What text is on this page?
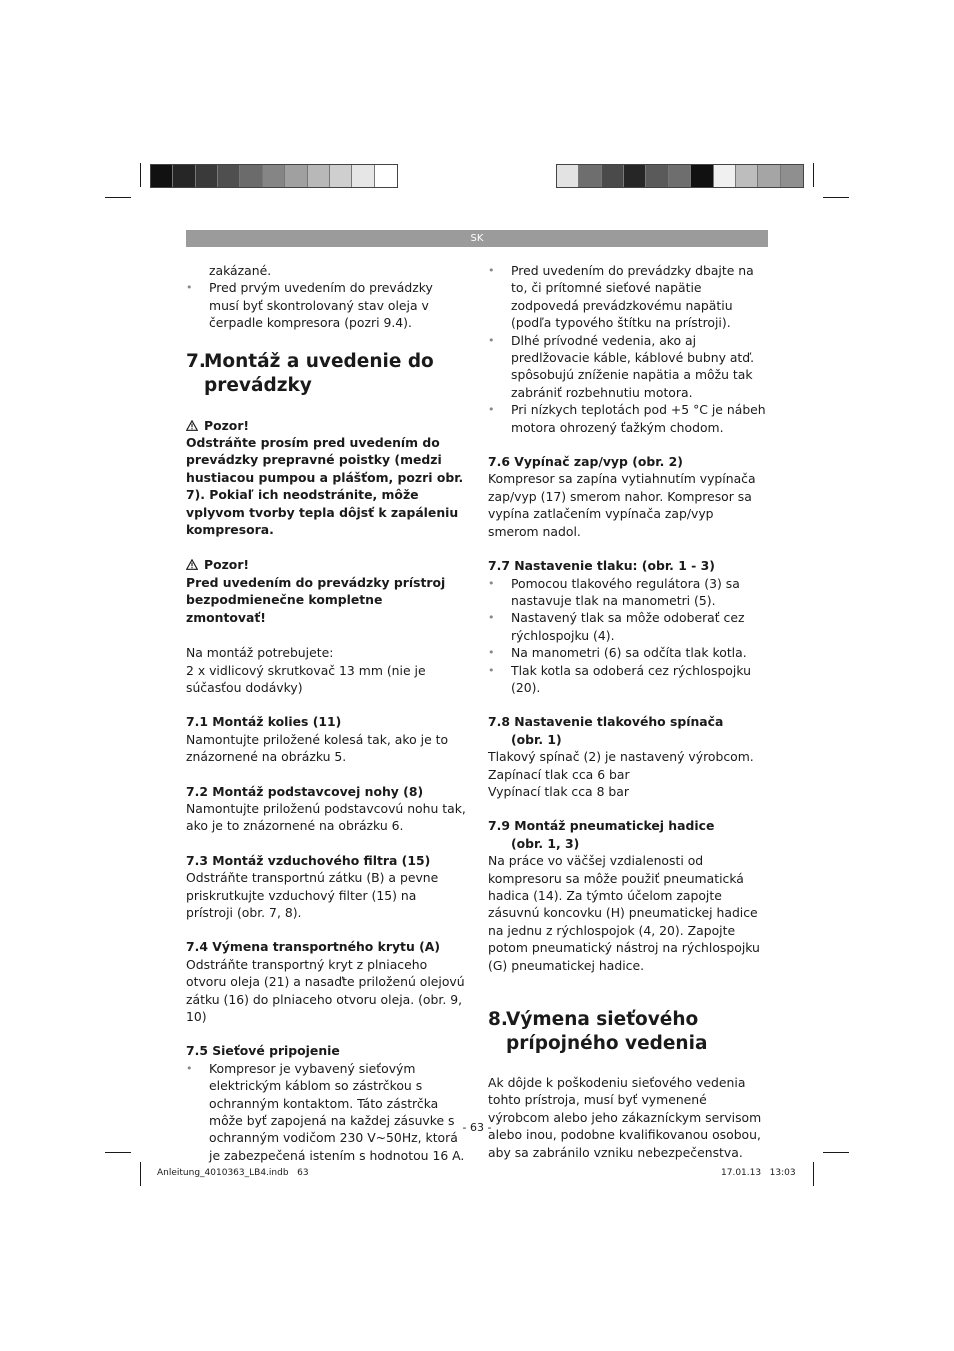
SK

zakázané.

• Pred prvým uvedením do prevádzky musí byť skontrolovaný stav oleja v čerpadle kompresora (pozri 9.4).

7.
Montáž a uvedenie do prevádzky

Pozor!

Odstráňte prosím pred uvedením do prevádzky prepravné poistky (medzi hustiacou pumpou a plášťom, pozri obr. 7). Pokiaľ ich neodstránite, môže vplyvom tvorby tepla dôjsť k zapáleniu kompresora.

Pozor!

Pred uvedením do prevádzky prístroj bezpodmienečne kompletne zmontovať!

Na montáž potrebujete:

2 x vidlicový skrutkovač 13 mm (nie je súčasťou dodávky)

7.1 Montáž kolies (11)

Namontujte priložené kolesá tak, ako je to znázornené na obrázku 5.

7.2 Montáž podstavcovej nohy (8)

Namontujte priloženú podstavcovú nohu tak, ako je to znázornené na obrázku 6.

7.3 Montáž vzduchového filtra (15)

Odstráňte transportnú zátku (B) a pevne priskrutkujte vzduchový filter (15) na prístroji (obr. 7, 8).

7.4 Výmena transportného krytu (A)

Odstráňte transportný kryt z plniaceho otvoru oleja (21) a nasaďte priloženú olejovú zátku (16) do plniaceho otvoru oleja. (obr. 9, 10)

7.5 Sieťové pripojenie

• Kompresor je vybavený sieťovým elektrickým káblom so zástrčkou s ochranným kontaktom. Táto zástrčka môže byť zapojená na každej zásuvke s ochranným vodičom 230 V~50Hz, ktorá je zabezpečená istením s hodnotou 16 A.

• Pred uvedením do prevádzky dbajte na to, či prítomné sieťové napätie zodpovedá prevádzkovému napätiu (podľa typového štítku na prístroji).

• Dlhé prívodné vedenia, ako aj predlžovacie káble, káblové bubny atď. spôsobujú zníženie napätia a môžu tak zabrániť rozbehnutiu motora.

• Pri nízkych teplotách pod +5 °C je nábeh motora ohrozený ťažkým chodom.

7.6 Vypínač zap/vyp (obr. 2)

Kompresor sa zapína vytiahnutím vypínača zap/vyp (17) smerom nahor. Kompresor sa vypína zatlačením vypínača zap/vyp smerom nadol.

7.7 Nastavenie tlaku: (obr. 1 - 3)

• Pomocou tlakového regulátora (3) sa nastavuje tlak na manometri (5).

• Nastavený tlak sa môže odoberať cez rýchlospojku (4).

• Na manometri (6) sa odčíta tlak kotla.

• Tlak kotla sa odoberá cez rýchlospojku (20).

7.8 Nastavenie tlakového spínača
(obr. 1)

Tlakový spínač (2) je nastavený výrobcom.

Zapínací tlak cca 6 bar

Vypínací tlak cca 8 bar

7.9 Montáž pneumatickej hadice
(obr. 1, 3)

Na práce vo väčšej vzdialenosti od kompresoru sa môže použiť pneumatická hadica (14). Za týmto účelom zapojte zásuvnú koncovku (H) pneumatickej hadice na jednu z rýchlospojok (4, 20). Zapojte potom pneumatický nástroj na rýchlospojku (G) pneumatickej hadice.

8.
Výmena sieťového prípojného vedenia

Ak dôjde k poškodeniu sieťového vedenia tohto prístroja, musí byť vymenené výrobcom alebo jeho zákazníckym servisom alebo inou, podobne kvalifikovanou osobou, aby sa zabránilo vzniku nebezpečenstva.

- 63 -
Anleitung_4010363_LB4.indb   63	17.01.13   13:03
